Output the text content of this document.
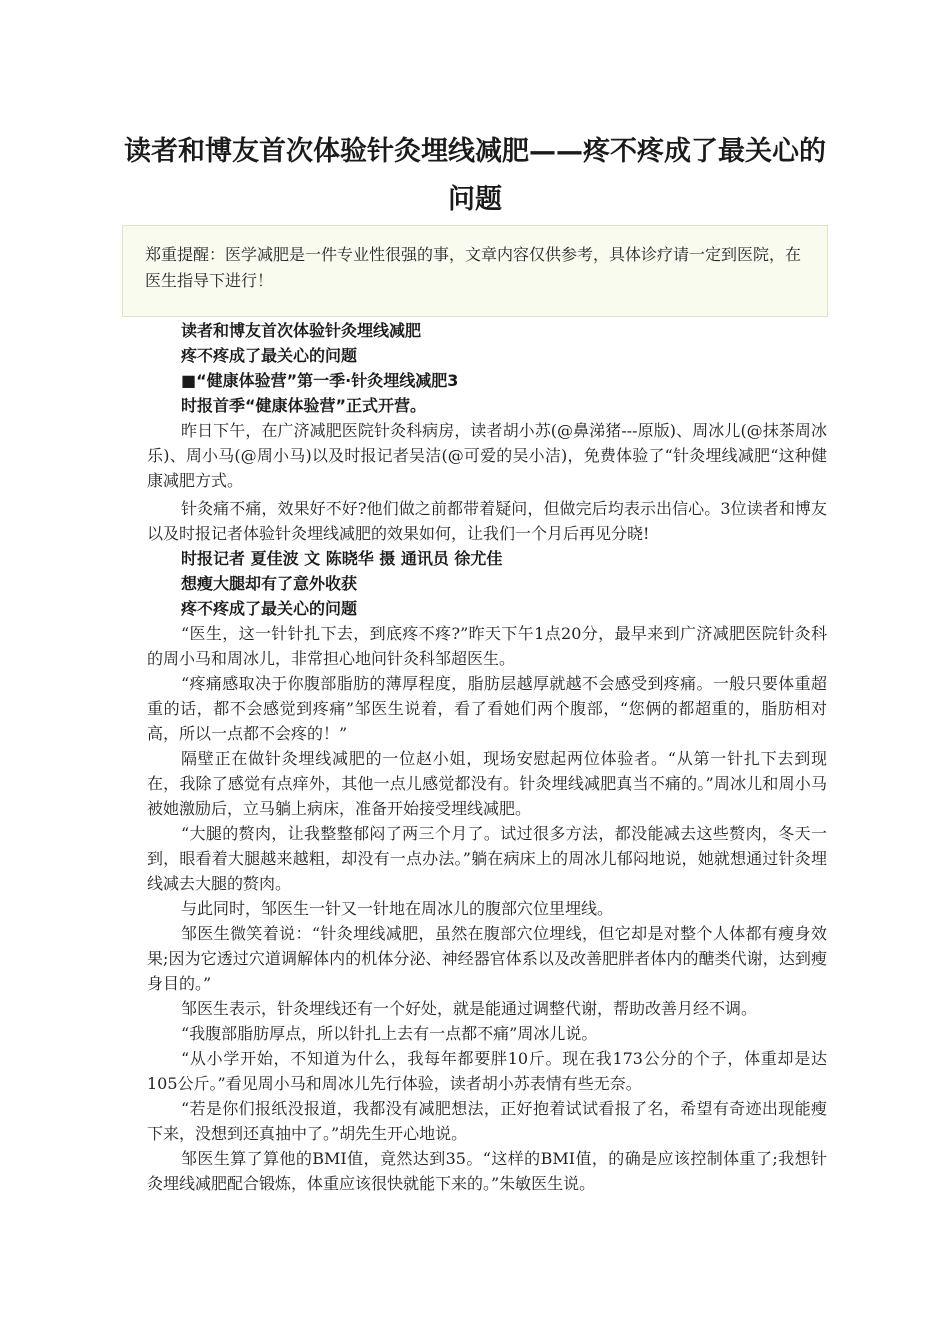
读者和博友首次体验针灸埋线减肥——疼不疼成了最关心的问题
郑重提醒：医学减肥是一件专业性很强的事，文章内容仅供参考，具体诊疗请一定到医院，在医生指导下进行！

读者和博友首次体验针灸埋线减肥

疼不疼成了最关心的问题

■“健康体验营”第一季·针灸埋线减肥3

时报首季“健康体验营”正式开营。

昨日下午，在广济减肥医院针灸科病房，读者胡小苏(@鼻涕猪---原版)、周冰儿(@抹茶周冰乐)、周小马(@周小马)以及时报记者吴洁(@可爱的吴小洁)，免费体验了“针灸埋线减肥“这种健康减肥方式。

针灸痛不痛，效果好不好?他们做之前都带着疑问，但做完后均表示出信心。3位读者和博友以及时报记者体验针灸埋线减肥的效果如何，让我们一个月后再见分晓!

时报记者 夏佳波 文 陈晓华 摄 通讯员 徐尤佳

想瘦大腿却有了意外收获

疼不疼成了最关心的问题

“医生，这一针针扎下去，到底疼不疼?”昨天下午1点20分，最早来到广济减肥医院针灸科的周小马和周冰儿，非常担心地问针灸科邹超医生。

“疼痛感取决于你腹部脂肪的薄厚程度，脂肪层越厚就越不会感受到疼痛。一般只要体重超重的话，都不会感觉到疼痛”邹医生说着，看了看她们两个腹部，“您俩的都超重的，脂肪相对高，所以一点都不会疼的！”

隔壁正在做针灸埋线减肥的一位赵小姐，现场安慰起两位体验者。“从第一针扎下去到现在，我除了感觉有点痒外，其他一点儿感觉都没有。针灸埋线减肥真当不痛的。”周冰儿和周小马被她激励后，立马躺上病床，准备开始接受埋线减肥。

“大腿的赘肉，让我整整郁闷了两三个月了。试过很多方法，都没能减去这些赘肉，冬天一到，眼看着大腿越来越粗，却没有一点办法。”躺在病床上的周冰儿郁闷地说，她就想通过针灸埋线减去大腿的赘肉。

与此同时，邹医生一针又一针地在周冰儿的腹部穴位里埋线。

邹医生微笑着说：“针灸埋线减肥，虽然在腹部穴位埋线，但它却是对整个人体都有瘦身效果;因为它透过穴道调解体内的机体分泌、神经器官体系以及改善肥胖者体内的醣类代谢，达到瘦身目的。”

邹医生表示，针灸埋线还有一个好处，就是能通过调整代谢，帮助改善月经不调。

“我腹部脂肪厚点，所以针扎上去有一点都不痛”周冰儿说。

“从小学开始，不知道为什么，我每年都要胖10斤。现在我173公分的个子，体重却是达105公斤。”看见周小马和周冰儿先行体验，读者胡小苏表情有些无奈。

“若是你们报纸没报道，我都没有减肥想法，正好抱着试试看报了名，希望有奇迹出现能瘦下来，没想到还真抽中了。”胡先生开心地说。

邹医生算了算他的BMI值，竟然达到35。“这样的BMI值，的确是应该控制体重了;我想针灸埋线减肥配合锻炼，体重应该很快就能下来的。”朱敏医生说。
